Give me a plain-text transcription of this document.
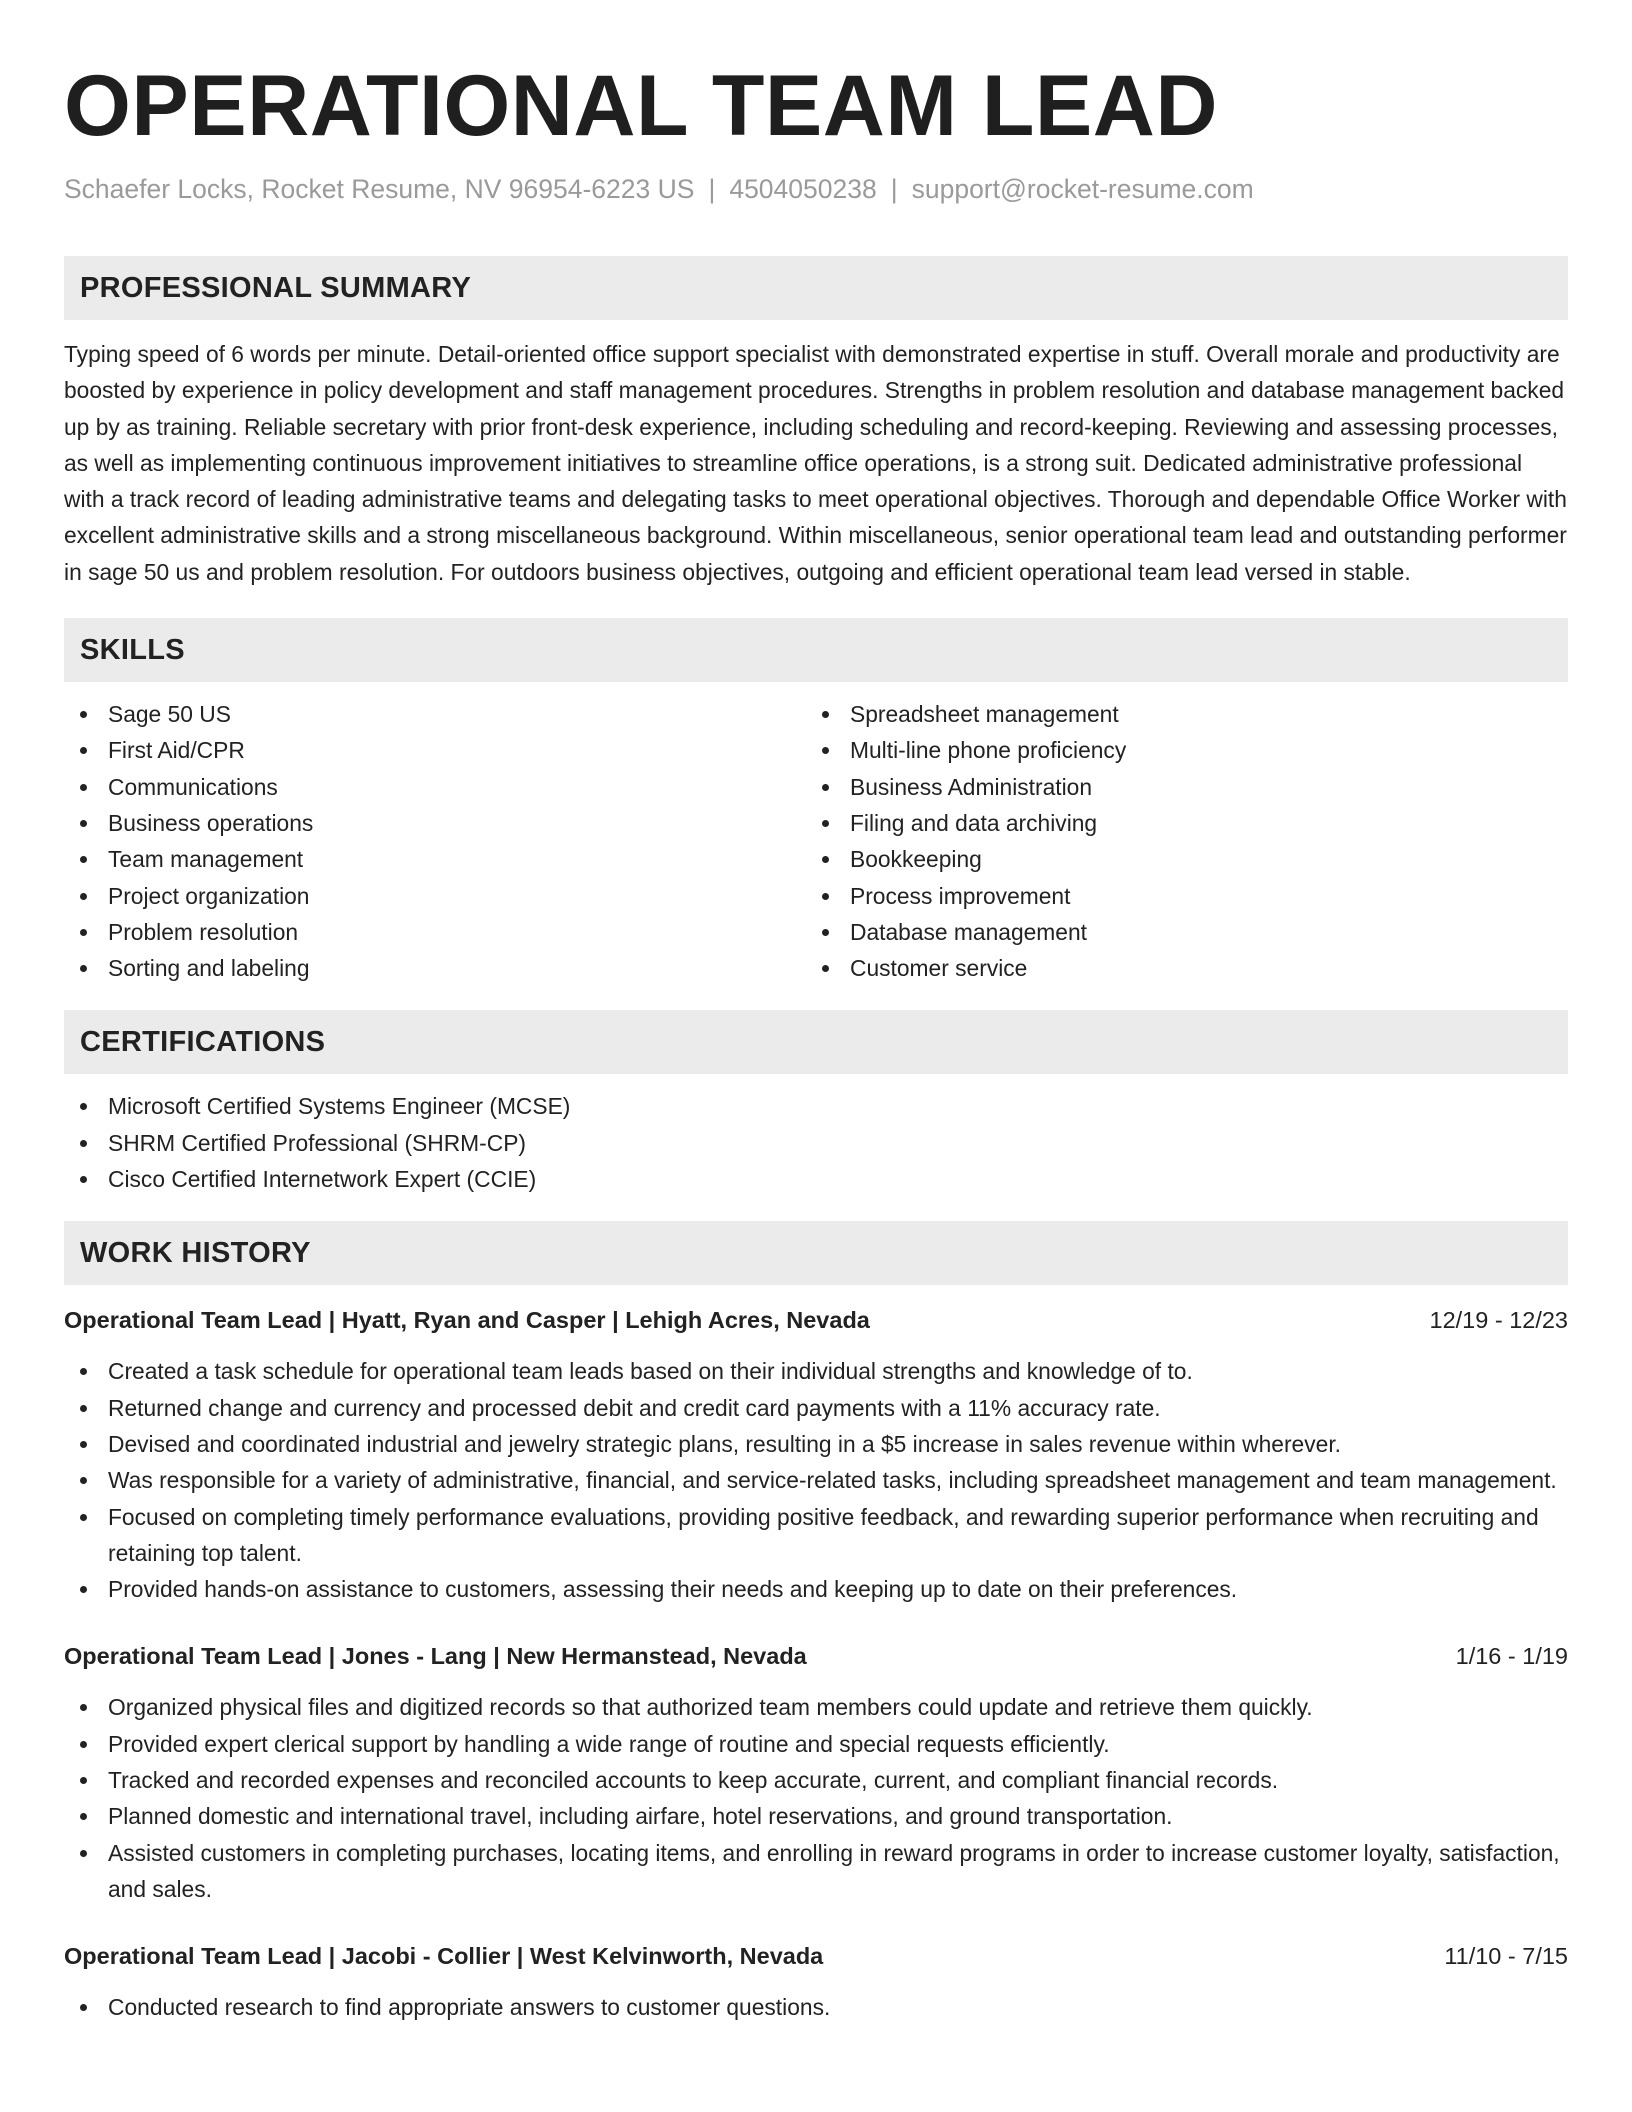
OPERATIONAL TEAM LEAD
Schaefer Locks, Rocket Resume, NV 96954-6223 US | 4504050238 | support@rocket-resume.com
PROFESSIONAL SUMMARY

Typing speed of 6 words per minute. Detail-oriented office support specialist with demonstrated expertise in stuff. Overall morale and productivity are boosted by experience in policy development and staff management procedures. Strengths in problem resolution and database management backed up by as training. Reliable secretary with prior front-desk experience, including scheduling and record-keeping. Reviewing and assessing processes, as well as implementing continuous improvement initiatives to streamline office operations, is a strong suit. Dedicated administrative professional with a track record of leading administrative teams and delegating tasks to meet operational objectives. Thorough and dependable Office Worker with excellent administrative skills and a strong miscellaneous background. Within miscellaneous, senior operational team lead and outstanding performer in sage 50 us and problem resolution. For outdoors business objectives, outgoing and efficient operational team lead versed in stable.

SKILLS
Sage 50 US
First Aid/CPR
Communications
Business operations
Team management
Project organization
Problem resolution
Sorting and labeling
Spreadsheet management
Multi-line phone proficiency
Business Administration
Filing and data archiving
Bookkeeping
Process improvement
Database management
Customer service
CERTIFICATIONS
Microsoft Certified Systems Engineer (MCSE)
SHRM Certified Professional (SHRM-CP)
Cisco Certified Internetwork Expert (CCIE)
WORK HISTORY
Operational Team Lead | Hyatt, Ryan and Casper | Lehigh Acres, Nevada	12/19 - 12/23
Created a task schedule for operational team leads based on their individual strengths and knowledge of to.
Returned change and currency and processed debit and credit card payments with a 11% accuracy rate.
Devised and coordinated industrial and jewelry strategic plans, resulting in a $5 increase in sales revenue within wherever.
Was responsible for a variety of administrative, financial, and service-related tasks, including spreadsheet management and team management.
Focused on completing timely performance evaluations, providing positive feedback, and rewarding superior performance when recruiting and retaining top talent.
Provided hands-on assistance to customers, assessing their needs and keeping up to date on their preferences.
Operational Team Lead | Jones - Lang | New Hermanstead, Nevada	1/16 - 1/19
Organized physical files and digitized records so that authorized team members could update and retrieve them quickly.
Provided expert clerical support by handling a wide range of routine and special requests efficiently.
Tracked and recorded expenses and reconciled accounts to keep accurate, current, and compliant financial records.
Planned domestic and international travel, including airfare, hotel reservations, and ground transportation.
Assisted customers in completing purchases, locating items, and enrolling in reward programs in order to increase customer loyalty, satisfaction, and sales.
Operational Team Lead | Jacobi - Collier | West Kelvinworth, Nevada	11/10 - 7/15
Conducted research to find appropriate answers to customer questions.
